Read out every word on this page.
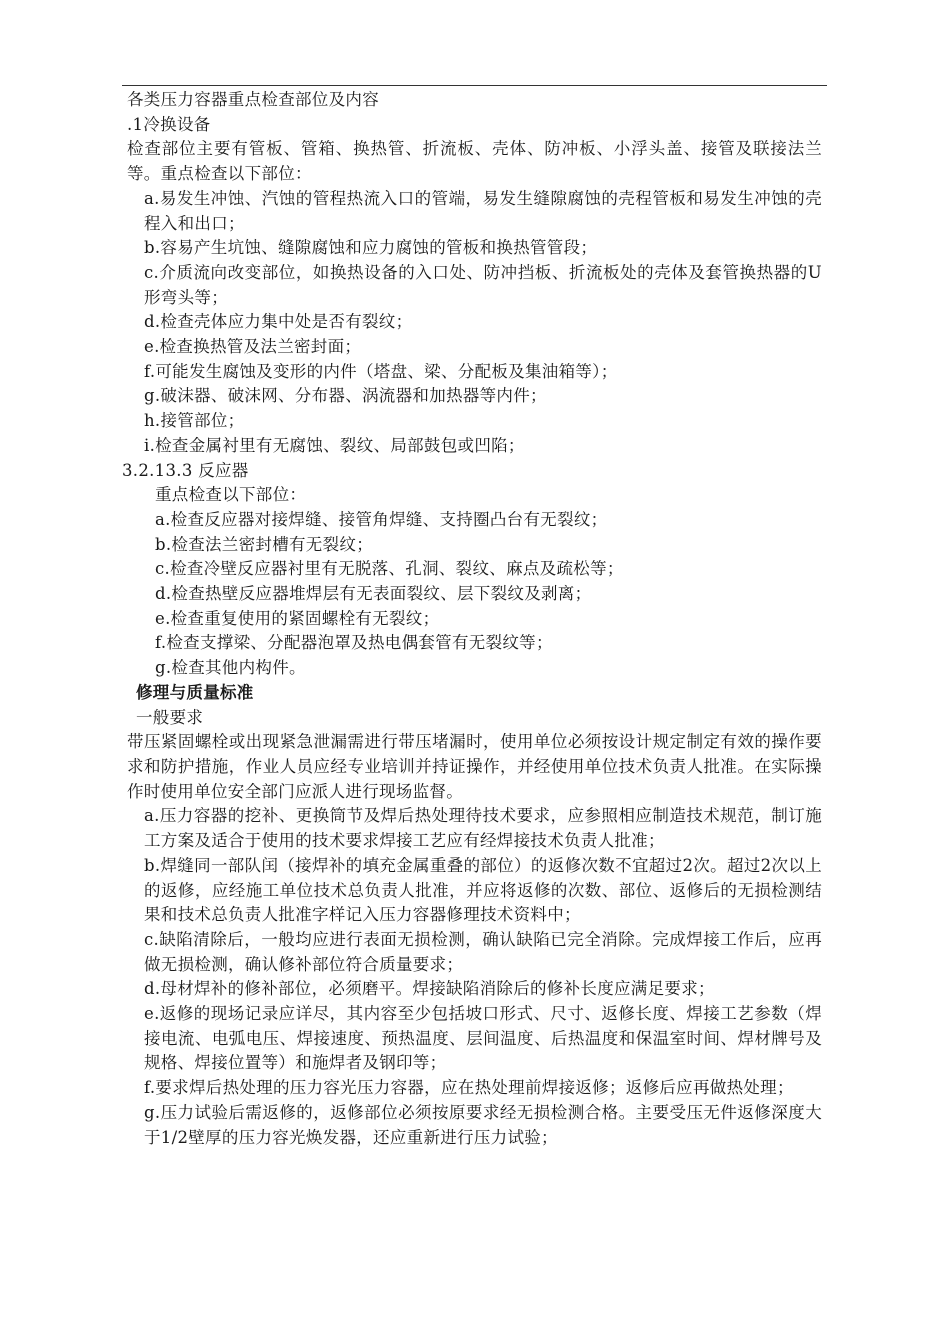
各类压力容器重点检查部位及内容

.1冷换设备

检查部位主要有管板、管箱、换热管、折流板、壳体、防冲板、小浮头盖、接管及联接法兰等。重点检查以下部位：

a.易发生冲蚀、汽蚀的管程热流入口的管端，易发生缝隙腐蚀的壳程管板和易发生冲蚀的壳程入和出口；

b.容易产生坑蚀、缝隙腐蚀和应力腐蚀的管板和换热管管段；

c.介质流向改变部位，如换热设备的入口处、防冲挡板、折流板处的壳体及套管换热器的U形弯头等；

d.检查壳体应力集中处是否有裂纹；

e.检查换热管及法兰密封面；

f.可能发生腐蚀及变形的内件（塔盘、梁、分配板及集油箱等）；

g.破沫器、破沫网、分布器、涡流器和加热器等内件；

h.接管部位；

i.检查金属衬里有无腐蚀、裂纹、局部鼓包或凹陷；

3.2.13.3 反应器

重点检查以下部位：

a.检查反应器对接焊缝、接管角焊缝、支持圈凸台有无裂纹；

b.检查法兰密封槽有无裂纹；

c.检查冷壁反应器衬里有无脱落、孔洞、裂纹、麻点及疏松等；

d.检查热壁反应器堆焊层有无表面裂纹、层下裂纹及剥离；

e.检查重复使用的紧固螺栓有无裂纹；

f.检查支撑梁、分配器泡罩及热电偶套管有无裂纹等；

g.检查其他内构件。

修理与质量标准

一般要求

带压紧固螺栓或出现紧急泄漏需进行带压堵漏时，使用单位必须按设计规定制定有效的操作要求和防护措施，作业人员应经专业培训并持证操作，并经使用单位技术负责人批准。在实际操作时使用单位安全部门应派人进行现场监督。

a.压力容器的挖补、更换筒节及焊后热处理待技术要求，应参照相应制造技术规范，制订施工方案及适合于使用的技术要求焊接工艺应有经焊接技术负责人批准；

b.焊缝同一部队闰（接焊补的填充金属重叠的部位）的返修次数不宜超过2次。超过2次以上的返修，应经施工单位技术总负责人批准，并应将返修的次数、部位、返修后的无损检测结果和技术总负责人批准字样记入压力容器修理技术资料中；

c.缺陷清除后，一般均应进行表面无损检测，确认缺陷已完全消除。完成焊接工作后，应再做无损检测，确认修补部位符合质量要求；

d.母材焊补的修补部位，必须磨平。焊接缺陷消除后的修补长度应满足要求；

e.返修的现场记录应详尽，其内容至少包括坡口形式、尺寸、返修长度、焊接工艺参数（焊接电流、电弧电压、焊接速度、预热温度、层间温度、后热温度和保温室时间、焊材牌号及规格、焊接位置等）和施焊者及钢印等；

f.要求焊后热处理的压力容光压力容器，应在热处理前焊接返修；返修后应再做热处理；

g.压力试验后需返修的，返修部位必须按原要求经无损检测合格。主要受压无件返修深度大于1/2壁厚的压力容光焕发器，还应重新进行压力试验；
